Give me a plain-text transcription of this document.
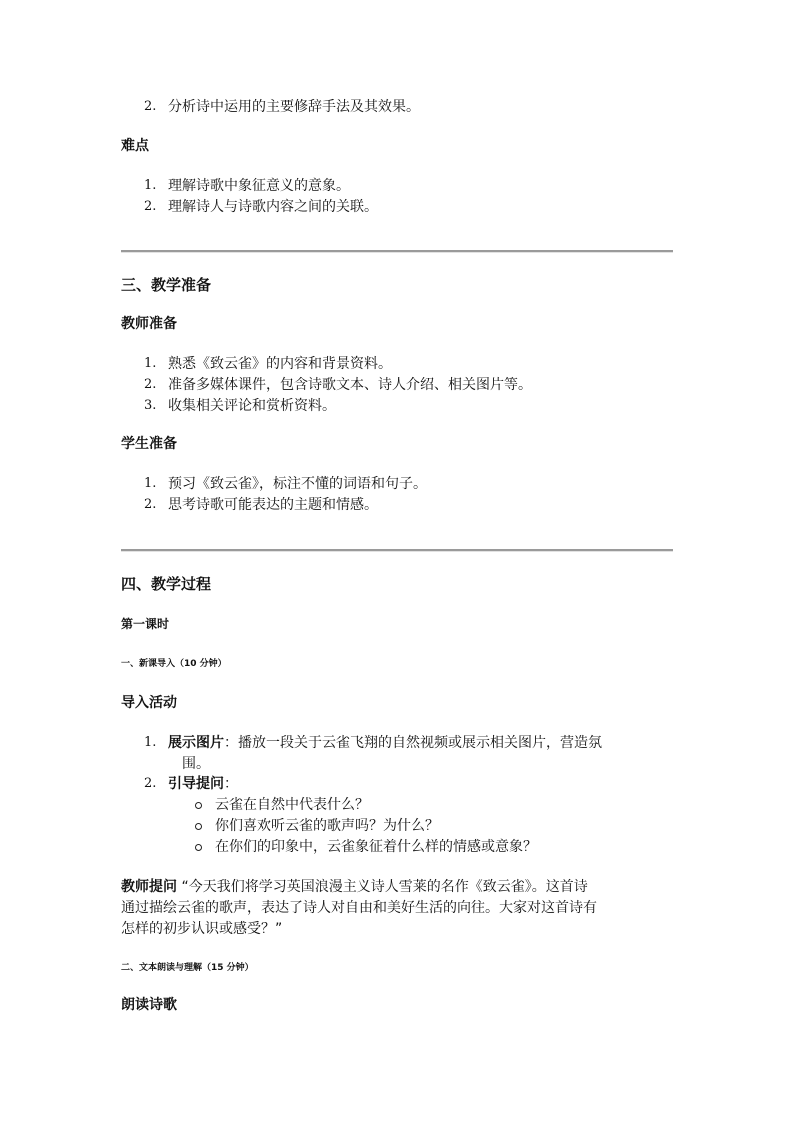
2. 分析诗中运用的主要修辞手法及其效果。
难点
1. 理解诗歌中象征意义的意象。
2. 理解诗人与诗歌内容之间的关联。
三、教学准备
教师准备
1. 熟悉《致云雀》的内容和背景资料。
2. 准备多媒体课件，包含诗歌文本、诗人介绍、相关图片等。
3. 收集相关评论和赏析资料。
学生准备
1. 预习《致云雀》，标注不懂的词语和句子。
2. 思考诗歌可能表达的主题和情感。
四、教学过程
第一课时
一、新课导入（10 分钟）
导入活动
1. 展示图片：播放一段关于云雀飞翔的自然视频或展示相关图片，营造氛
围。
2. 引导提问：
云雀在自然中代表什么？
你们喜欢听云雀的歌声吗？为什么？
在你们的印象中，云雀象征着什么样的情感或意象？
教师提问 “今天我们将学习英国浪漫主义诗人雪莱的名作《致云雀》。这首诗
通过描绘云雀的歌声，表达了诗人对自由和美好生活的向往。大家对这首诗有
怎样的初步认识或感受？”
二、文本朗读与理解（15 分钟）
朗读诗歌
